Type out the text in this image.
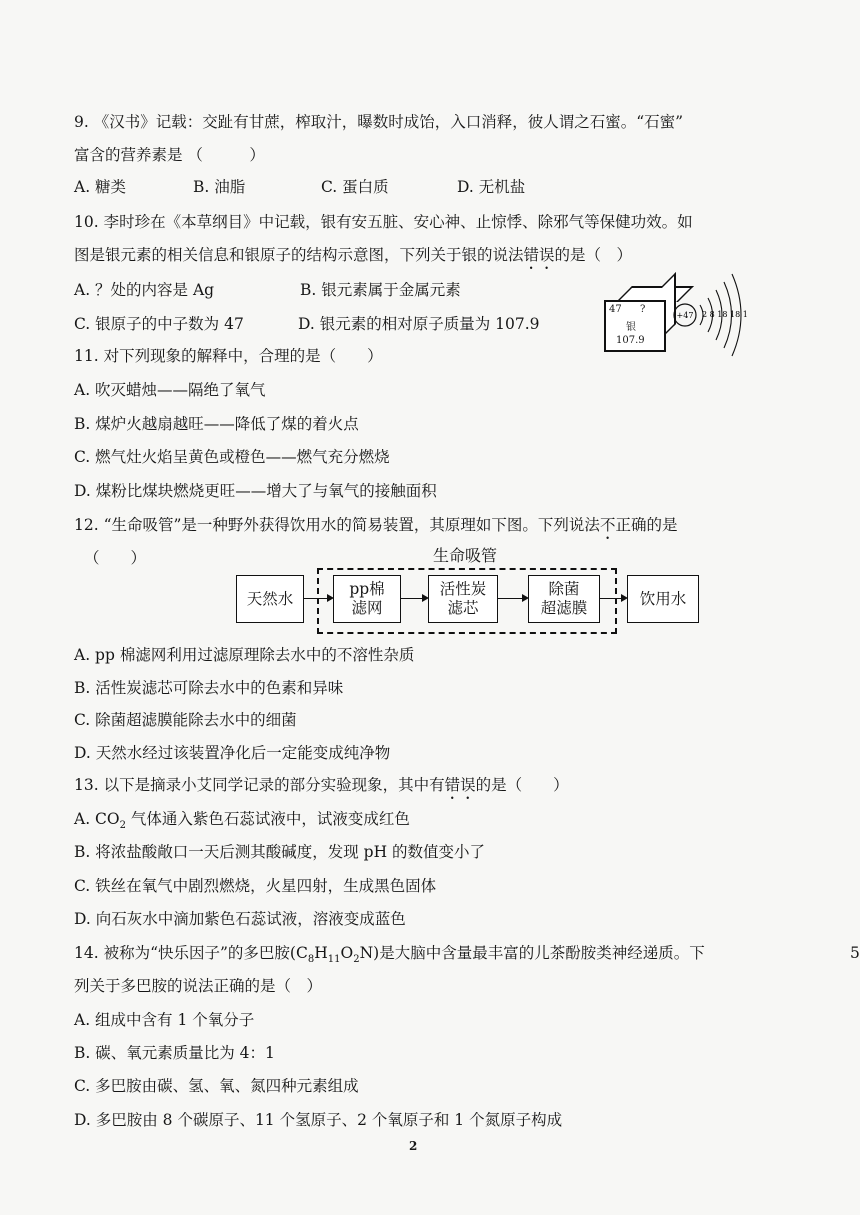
9. 《汉书》记载：交趾有甘蔗，榨取汁，曝数时成饴，入口消释，彼人谓之石蜜。“石蜜”
富含的营养素是 （　　　）
A. 糖类	B. 油脂	C. 蛋白质	D. 无机盐
10. 李时珍在《本草纲目》中记载，银有安五脏、安心神、止惊悸、除邪气等保健功效。如
图是银元素的相关信息和银原子的结构示意图，下列关于银的说法错误的是（　）
A. ？处的内容是 Ag	B. 银元素属于金属元素
C. 银原子的中子数为 47	D. 银元素的相对原子质量为 107.9
47 ?
银
107.9
+47 2 8 18 18 1
11. 对下列现象的解释中，合理的是（　　）
A. 吹灭蜡烛——隔绝了氧气
B. 煤炉火越扇越旺——降低了煤的着火点
C. 燃气灶火焰呈黄色或橙色——燃气充分燃烧
D. 煤粉比煤块燃烧更旺——增大了与氧气的接触面积
12. “生命吸管”是一种野外获得饮用水的简易装置，其原理如下图。下列说法不正确的是
（　　）	生命吸管
天然水
pp棉
滤网
活性炭
滤芯
除菌
超滤膜
饮用水
A. pp 棉滤网利用过滤原理除去水中的不溶性杂质
B. 活性炭滤芯可除去水中的色素和异味
C. 除菌超滤膜能除去水中的细菌
D. 天然水经过该装置净化后一定能变成纯净物
13. 以下是摘录小艾同学记录的部分实验现象，其中有错误的是（　　）
A. $CO_2$ 气体通入紫色石蕊试液中，试液变成红色
B. 将浓盐酸敞口一天后测其酸碱度，发现 pH 的数值变小了
C. 铁丝在氧气中剧烈燃烧，火星四射，生成黑色固体
D. 向石灰水中滴加紫色石蕊试液，溶液变成蓝色
14. 被称为“快乐因子”的多巴胺$(C_8H_{11}O_2N)$是大脑中含量最丰富的儿茶酚胺类神经递质。下
列关于多巴胺的说法正确的是（　）
A. 组成中含有 1 个氧分子
B. 碳、氧元素质量比为 4：1
C. 多巴胺由碳、氢、氧、氮四种元素组成
D. 多巴胺由 8 个碳原子、11 个氢原子、2 个氧原子和 1 个氮原子构成
5
2
